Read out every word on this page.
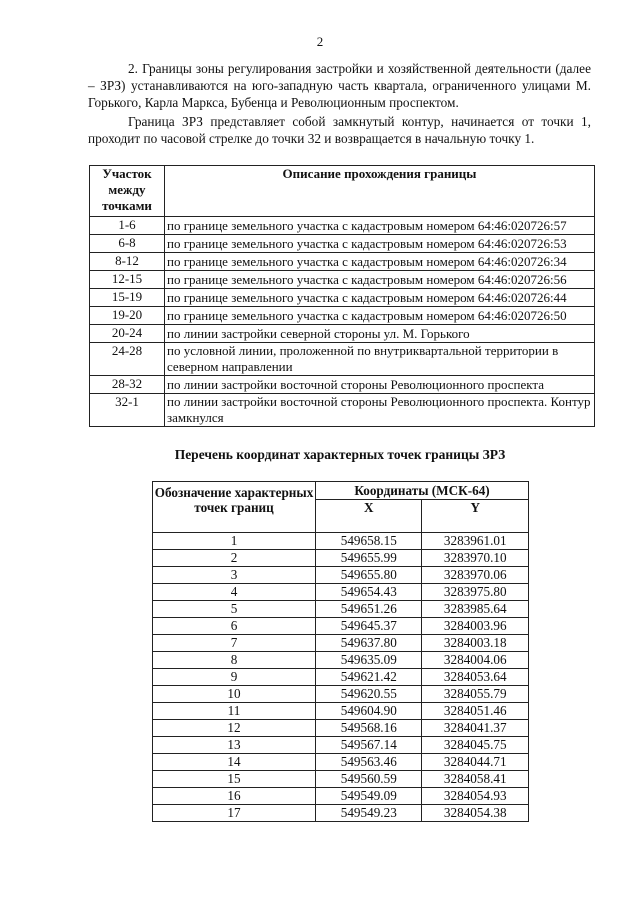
2
2. Границы зоны регулирования застройки и хозяйственной деятельности (далее – ЗРЗ) устанавливаются на юго-западную часть квартала, ограниченного улицами М. Горького, Карла Маркса, Бубенца и Революционным проспектом.
Граница ЗРЗ представляет собой замкнутый контур, начинается от точки 1, проходит по часовой стрелке до точки 32 и возвращается в начальную точку 1.
Участок между точками	Описание прохождения границы
1-6	по границе земельного участка с кадастровым номером 64:46:020726:57
6-8	по границе земельного участка с кадастровым номером 64:46:020726:53
8-12	по границе земельного участка с кадастровым номером 64:46:020726:34
12-15	по границе земельного участка с кадастровым номером 64:46:020726:56
15-19	по границе земельного участка с кадастровым номером 64:46:020726:44
19-20	по границе земельного участка с кадастровым номером 64:46:020726:50
20-24	по линии застройки северной стороны ул. М. Горького
24-28	по условной линии, проложенной по внутриквартальной территории в северном направлении
28-32	по линии застройки восточной стороны Революционного проспекта
32-1	по линии застройки восточной стороны Революционного проспекта. Контур замкнулся
Перечень координат характерных точек границы ЗРЗ
Обозначение характерных точек границ	Координаты (МСК-64)	
	X	Y
1	549658.15	3283961.01
2	549655.99	3283970.10
3	549655.80	3283970.06
4	549654.43	3283975.80
5	549651.26	3283985.64
6	549645.37	3284003.96
7	549637.80	3284003.18
8	549635.09	3284004.06
9	549621.42	3284053.64
10	549620.55	3284055.79
11	549604.90	3284051.46
12	549568.16	3284041.37
13	549567.14	3284045.75
14	549563.46	3284044.71
15	549560.59	3284058.41
16	549549.09	3284054.93
17	549549.23	3284054.38
